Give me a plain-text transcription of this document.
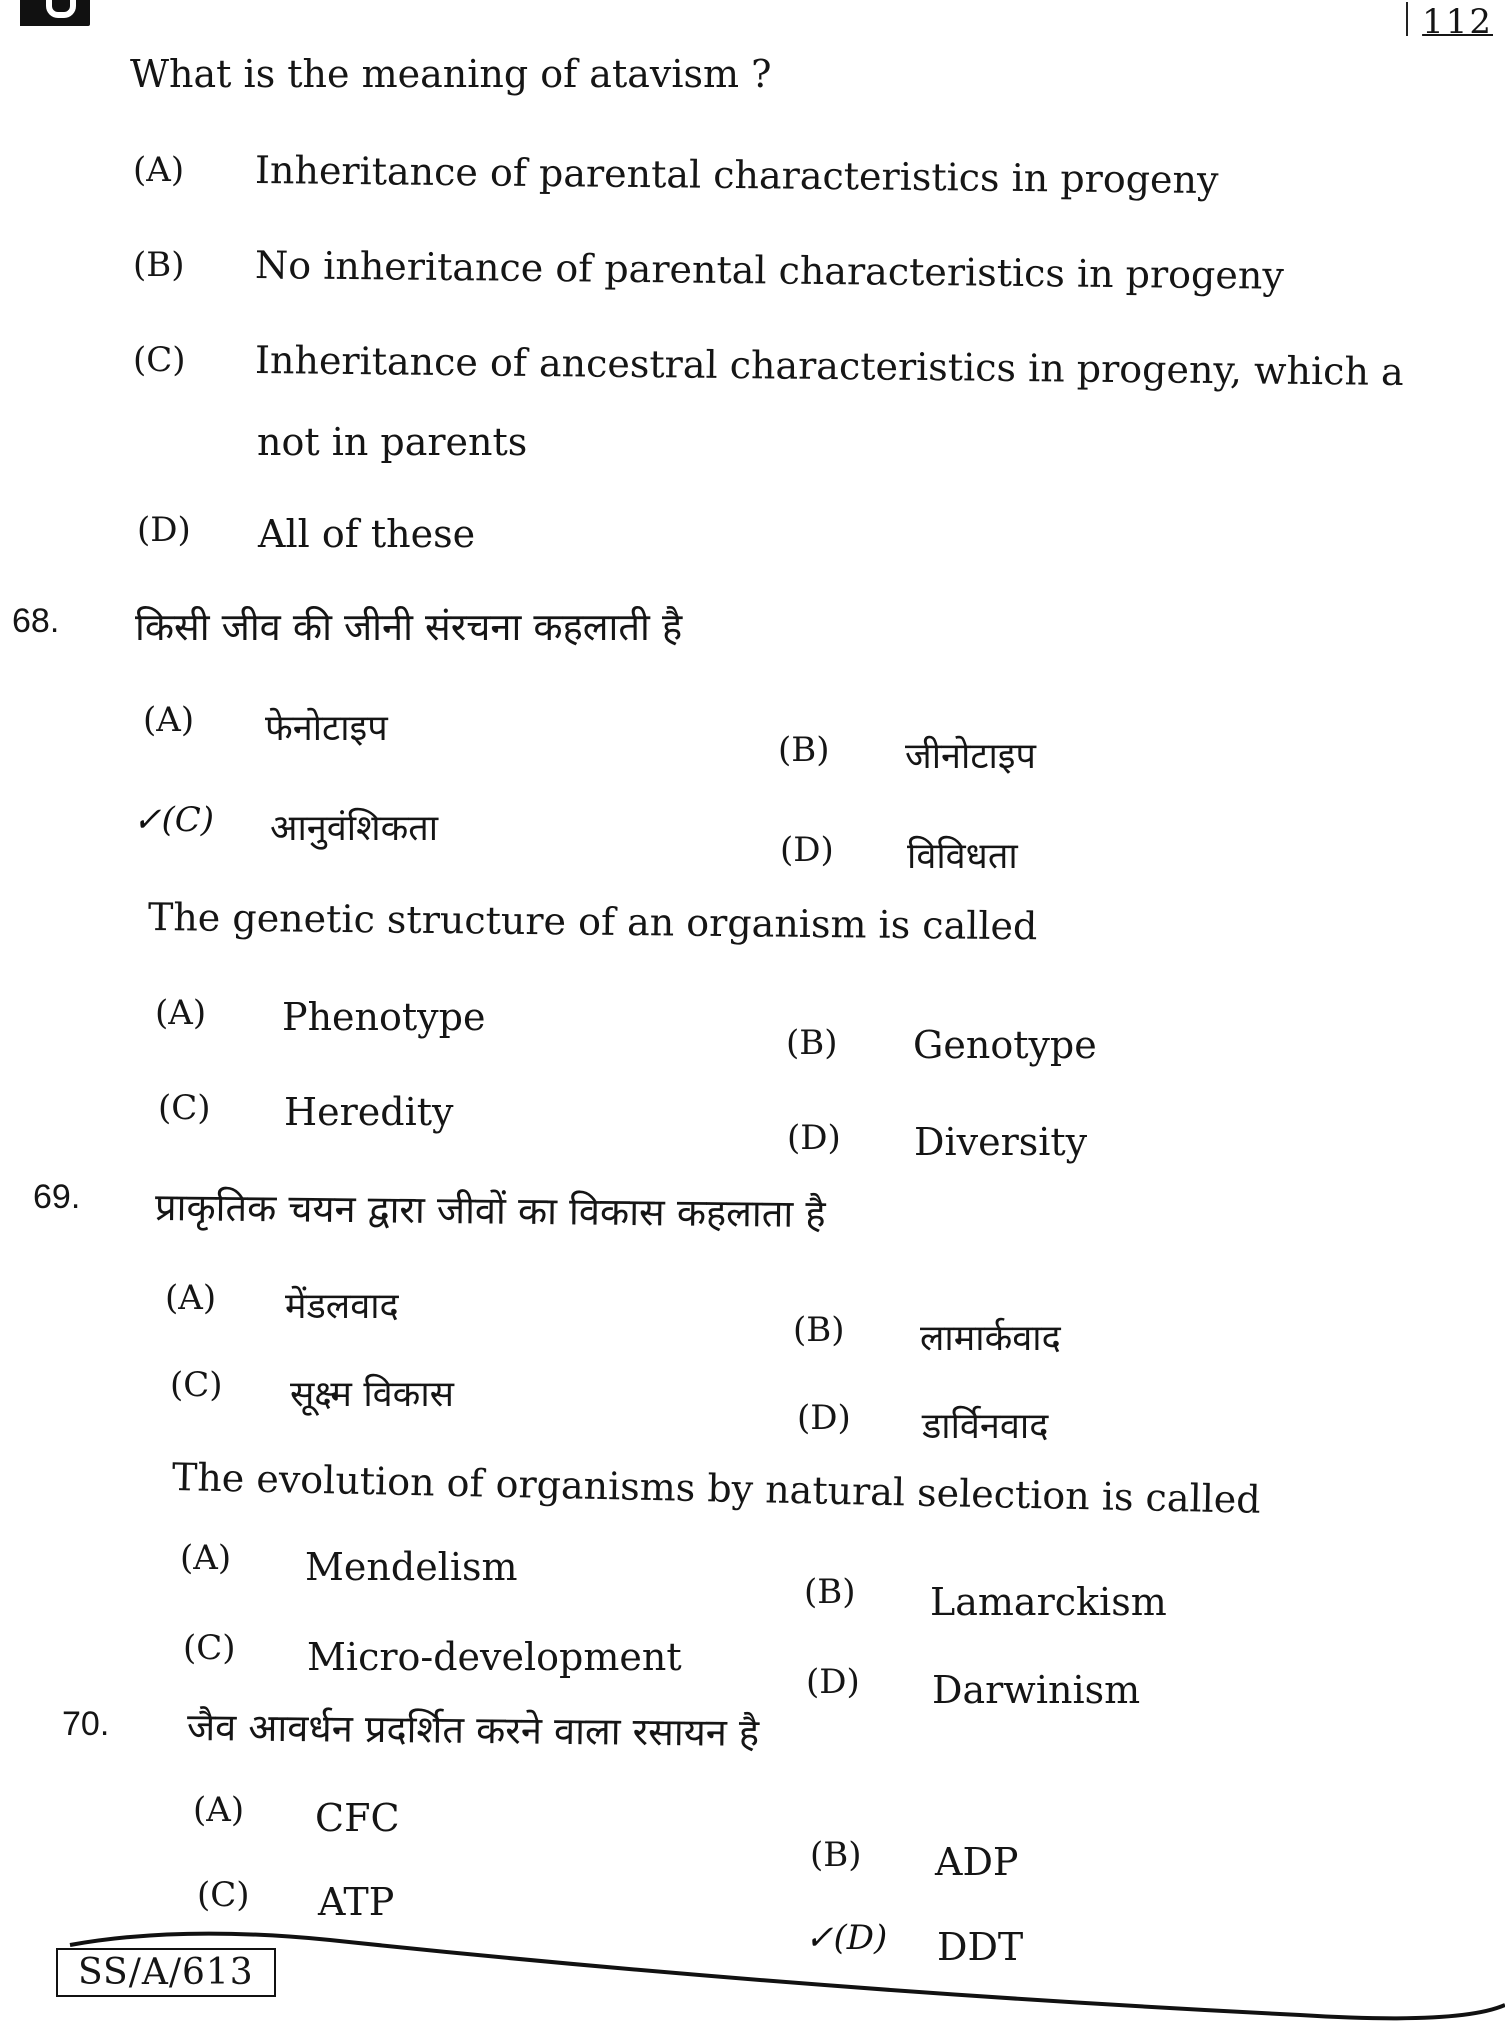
112
What is the meaning of atavism ?
(A) Inheritance of parental characteristics in progeny
(B) No inheritance of parental characteristics in progeny
(C) Inheritance of ancestral characteristics in progeny, which a
not in parents
(D) All of these
68. किसी जीव की जीनी संरचना कहलाती है
(A) फेनोटाइप
(B) जीनोटाइप
✓(C) आनुवंशिकता
(D) विविधता
The genetic structure of an organism is called
(A) Phenotype
(B) Genotype
(C) Heredity
(D) Diversity
69. प्राकृतिक चयन द्वारा जीवों का विकास कहलाता है
(A) मेंडलवाद
(B) लामार्कवाद
(C) सूक्ष्म विकास
(D) डार्विनवाद
The evolution of organisms by natural selection is called
(A) Mendelism
(B) Lamarckism
(C) Micro-development
(D) Darwinism
70. जैव आवर्धन प्रदर्शित करने वाला रसायन है
(A) CFC
(B) ADP
(C) ATP
✓(D) DDT
SS/A/613
